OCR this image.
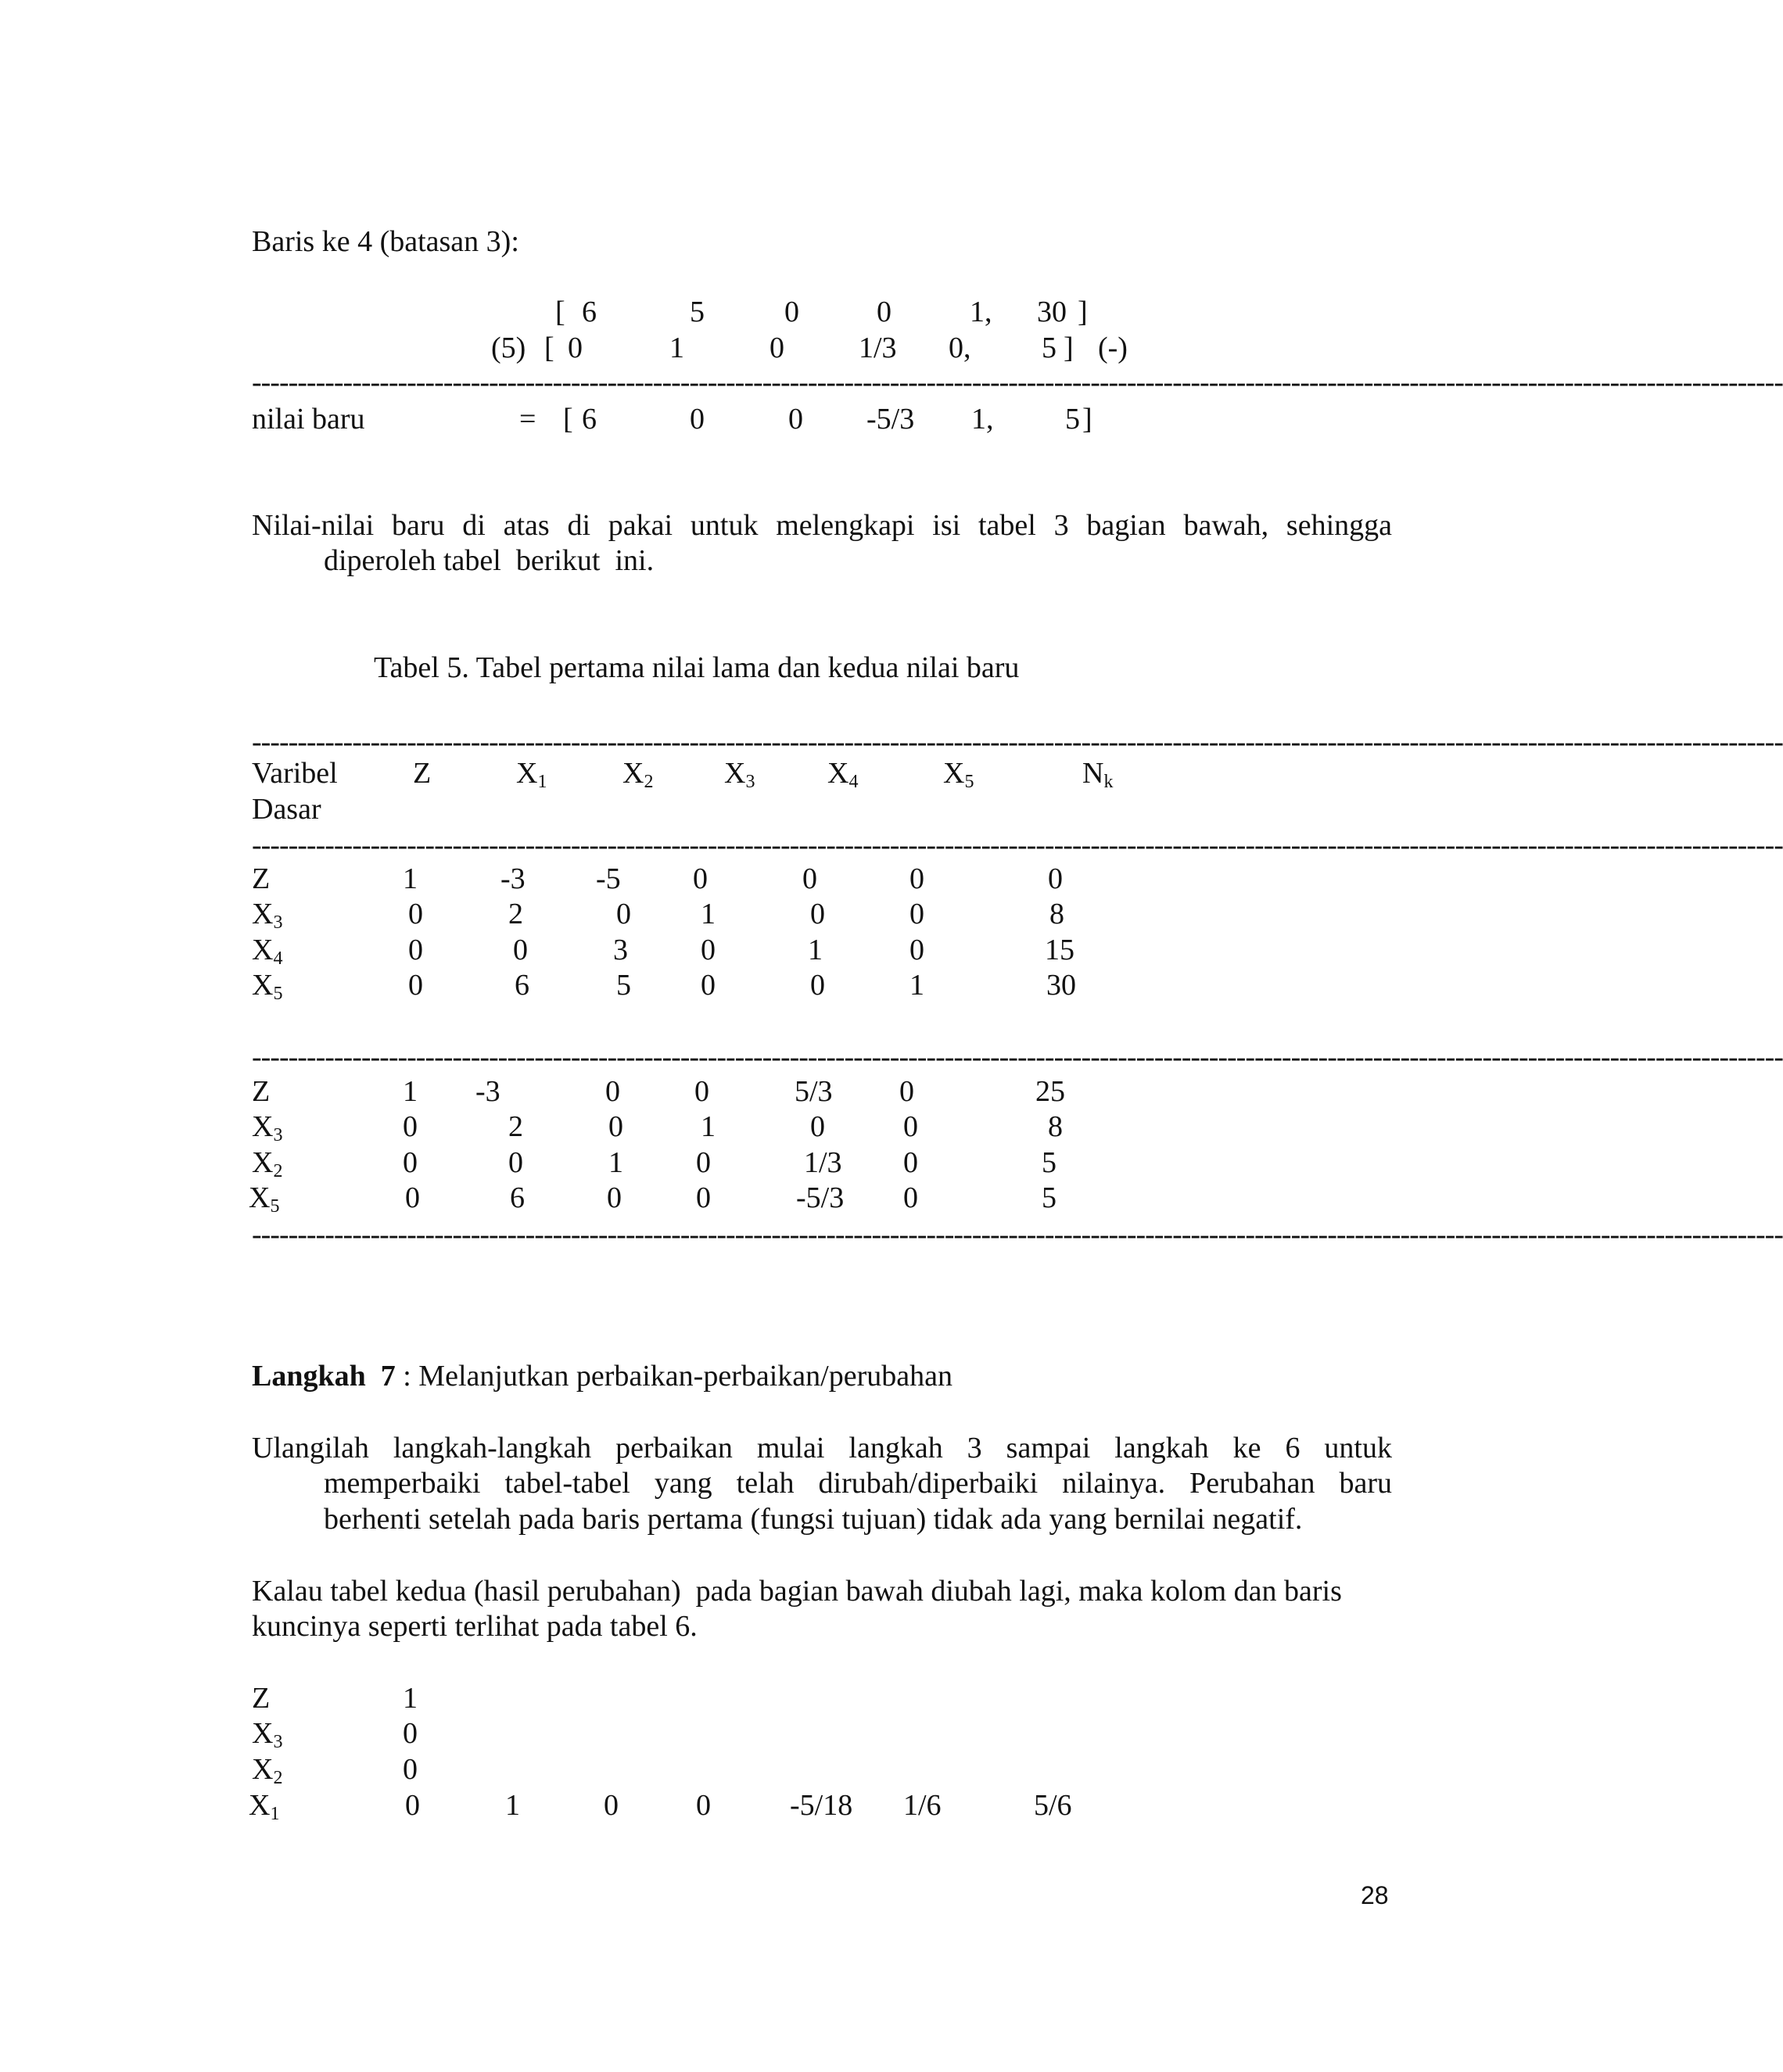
Baris ke 4 (batasan 3):
[ 6	5	0	0	1, 30 ]
(5) [ 0	1	0	1/3 0, 5 ] (-)
------------------------------------------------------------------------------------------------------------------------------------------------------------------------
nilai baru	= [ 6	0	0 -5/3 1, 5 ]
Nilai-nilai baru di atas di pakai untuk melengkapi isi tabel 3 bagian bawah, sehingga
diperoleh tabel  berikut  ini.
Tabel 5. Tabel pertama nilai lama dan kedua nilai baru
------------------------------------------------------------------------------------------------------------------------------------------------------------------------
Varibel
Dasar
Z	$X_1$	$X_2$ $X_3$ $X_4$	$X_5$	$N_k$
------------------------------------------------------------------------------------------------------------------------------------------------------------------------
Z	1	-3 -5 0	0	0	0
$X_3$	0	2	0 1	0	0	8
$X_4$	0	0	3 0	1	0	15
$X_5$	0	6	5 0	0	1	30
------------------------------------------------------------------------------------------------------------------------------------------------------------------------
Z	1 -3	0	0	5/3 0	25
$X_3$	0	2	0	1	0	0	8
$X_2$	0	0	1 0	1/3 0	5
$X_5$	0	6	0	0	-5/3 0	5
------------------------------------------------------------------------------------------------------------------------------------------------------------------------
Langkah  7 : Melanjutkan perbaikan-perbaikan/perubahan
Ulangilah langkah-langkah perbaikan mulai langkah 3 sampai langkah ke 6 untuk
memperbaiki tabel-tabel yang telah dirubah/diperbaiki nilainya. Perubahan baru
berhenti setelah pada baris pertama (fungsi tujuan) tidak ada yang bernilai negatif.
Kalau tabel kedua (hasil perubahan)  pada bagian bawah diubah lagi, maka kolom dan baris
kuncinya seperti terlihat pada tabel 6.
Z	1
$X_3$	0
$X_2$	0
$X_1$	0	1	0	0	-5/18 1/6	5/6
28
